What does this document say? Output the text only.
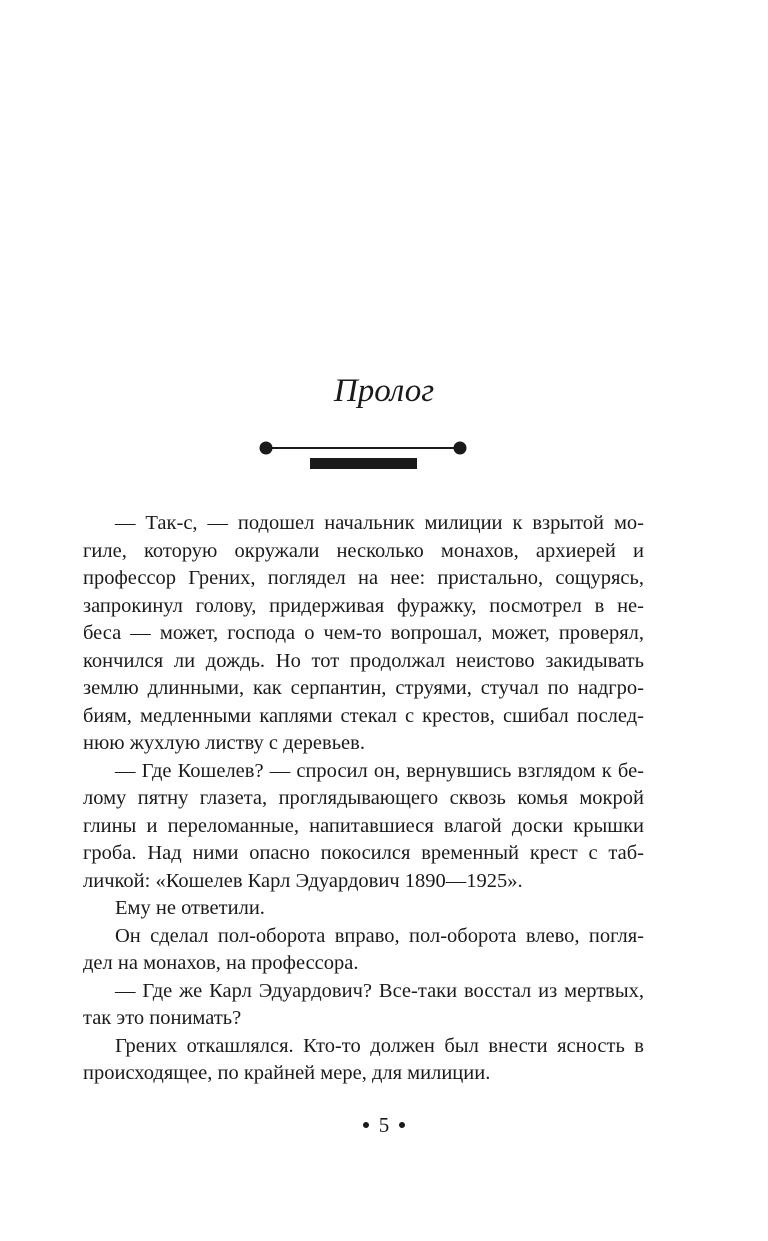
Пролог
— Так-с, — подошел начальник милиции к взрытой мо-
гиле, которую окружали несколько монахов, архиерей и
профессор Грених, поглядел на нее: пристально, сощурясь,
запрокинул голову, придерживая фуражку, посмотрел в не-
беса — может, господа о чем-то вопрошал, может, проверял,
кончился ли дождь. Но тот продолжал неистово закидывать
землю длинными, как серпантин, струями, стучал по надгро-
биям, медленными каплями стекал с крестов, сшибал послед-
нюю жухлую листву с деревьев.
— Где Кошелев? — спросил он, вернувшись взглядом к бе-
лому пятну глазета, проглядывающего сквозь комья мокрой
глины и переломанные, напитавшиеся влагой доски крышки
гроба. Над ними опасно покосился временный крест с таб-
личкой: «Кошелев Карл Эдуардович 1890—1925».
Ему не ответили.
Он сделал пол-оборота вправо, пол-оборота влево, погля-
дел на монахов, на профессора.
— Где же Карл Эдуардович? Все-таки восстал из мертвых,
так это понимать?
Грених откашлялся. Кто-то должен был внести ясность в
происходящее, по крайней мере, для милиции.
5
